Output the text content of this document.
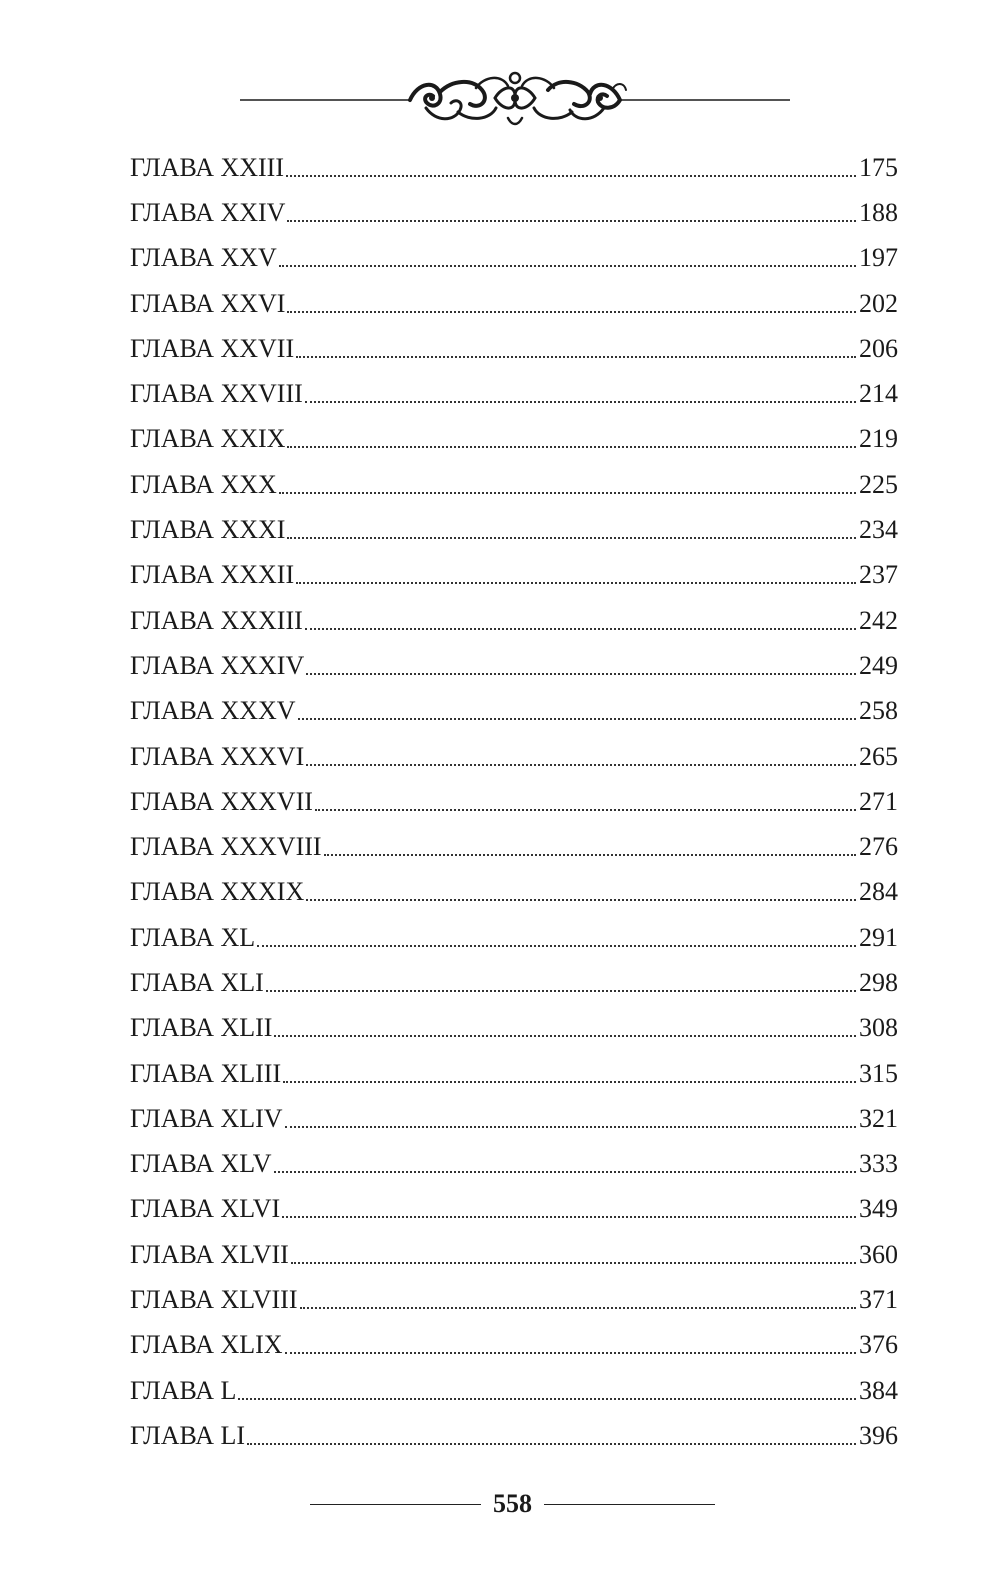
ГЛАВА XXIII	175
ГЛАВА XXIV	188
ГЛАВА XXV	197
ГЛАВА XXVI	202
ГЛАВА XXVII	206
ГЛАВА XXVIII	214
ГЛАВА XXIX	219
ГЛАВА XXX	225
ГЛАВА XXXI	234
ГЛАВА XXXII	237
ГЛАВА XXXIII	242
ГЛАВА XXXIV	249
ГЛАВА XXXV	258
ГЛАВА XXXVI	265
ГЛАВА XXXVII	271
ГЛАВА XXXVIII	276
ГЛАВА XXXIX	284
ГЛАВА XL	291
ГЛАВА XLI	298
ГЛАВА XLII	308
ГЛАВА XLIII	315
ГЛАВА XLIV	321
ГЛАВА XLV	333
ГЛАВА XLVI	349
ГЛАВА XLVII	360
ГЛАВА XLVIII	371
ГЛАВА XLIX	376
ГЛАВА L	384
ГЛАВА LI	396
558
